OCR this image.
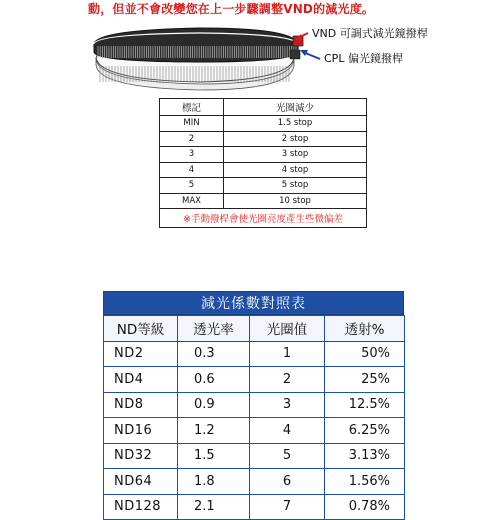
動，但並不會改變您在上一步驟調整VND的減光度。
VND 可調式減光鏡撥桿
CPL 偏光鏡撥桿
標記	光圈減少
MIN	1.5 stop
2	2 stop
3	3 stop
4	4 stop
5	5 stop
MAX	10 stop
※手動撥桿會使光圈亮度產生些微偏差	
減光係數對照表
ND等級	透光率	光圈值	透射%
ND2	0.3	1	50%
ND4	0.6	2	25%
ND8	0.9	3	12.5%
ND16	1.2	4	6.25%
ND32	1.5	5	3.13%
ND64	1.8	6	1.56%
ND128	2.1	7	0.78%
